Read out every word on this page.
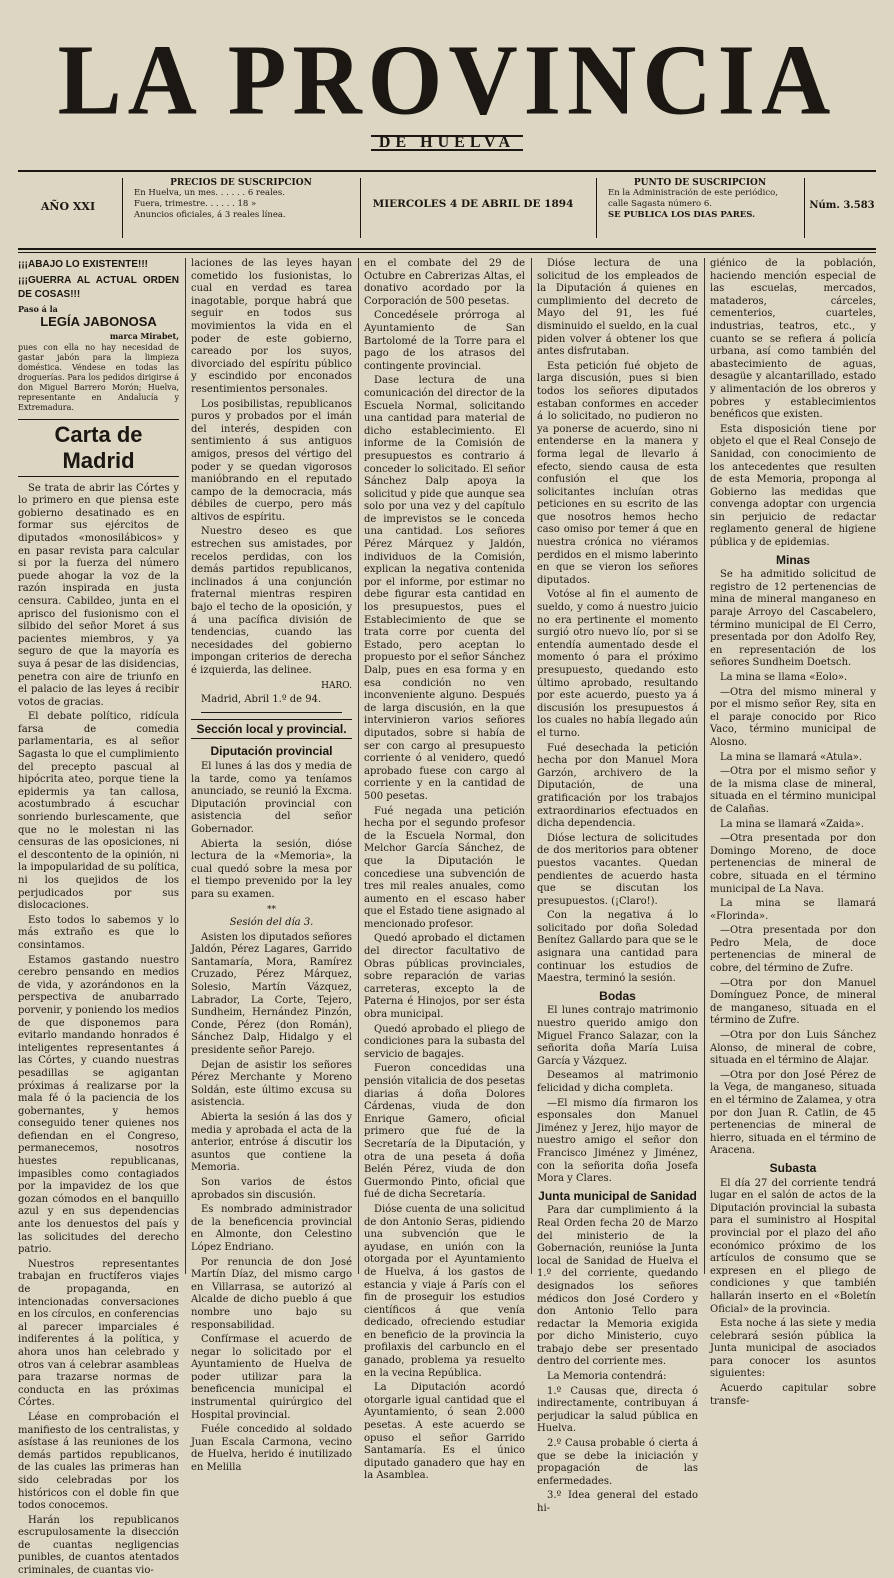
LA PROVINCIA
DE HUELVA
AÑO XXI
PRECIOS DE SUSCRIPCION
En Huelva, un mes. . . . . . 6 reales.
Fuera, trimestre. . . . . . 18 »
Anuncios oficiales, á 3 reales línea.
MIERCOLES 4 DE ABRIL DE 1894
PUNTO DE SUSCRIPCION
En la Administración de este periódico,
calle Sagasta número 6.
SE PUBLICA LOS DIAS PARES.
Núm. 3.583

¡¡¡ABAJO LO EXISTENTE!!!

¡¡¡GUERRA AL ACTUAL ORDEN DE COSAS!!!

Paso á la

LEGÍA JABONOSA

marca Mirabet,

pues con ella no hay necesidad de gastar jabón para la limpieza doméstica. Véndese en todas las droguerías. Para los pedidos dirigirse á don Miguel Barrero Morón; Huelva, representante en Andalucía y Extremadura.

Carta de Madrid

Se trata de abrir las Córtes y lo primero en que piensa este gobierno desatinado es en formar sus ejércitos de diputados «monosilábicos» y en pasar revista para calcular si por la fuerza del número puede ahogar la voz de la razón inspirada en justa censura. Cabildeo, junta en el aprisco del fusionismo con el silbido del señor Moret á sus pacientes miembros, y ya seguro de que la mayoría es suya á pesar de las disidencias, penetra con aire de triunfo en el palacio de las leyes á recibir votos de gracias.

El debate político, ridícula farsa de comedia parlamentaria, es al señor Sagasta lo que el cumplimiento del precepto pascual al hipócrita ateo, porque tiene la epidermis ya tan callosa, acostumbrado á escuchar sonriendo burlescamente, que que no le molestan ni las censuras de las oposiciones, ni el descontento de la opinión, ni la impopularidad de su política, ni los quejidos de los perjudicados por sus dislocaciones.

Esto todos lo sabemos y lo más extraño es que lo consintamos.

Estamos gastando nuestro cerebro pensando en medios de vida, y azorándonos en la perspectiva de anubarrado porvenir, y poniendo los medios de que disponemos para evitarlo mandando honrados é inteligentes representantes á las Córtes, y cuando nuestras pesadillas se agigantan próximas á realizarse por la mala fé ó la paciencia de los gobernantes, y hemos conseguido tener quienes nos defiendan en el Congreso, permanecemos, nosotros huestes republicanas, impasibles como contagiados por la impavidez de los que gozan cómodos en el banquillo azul y en sus dependencias ante los denuestos del país y las solicitudes del derecho patrio.

Nuestros representantes trabajan en fructíferos viajes de propaganda, en intencionadas conversaciones en los círculos, en conferencias al parecer imparciales é indiferentes á la política, y ahora unos han celebrado y otros van á celebrar asambleas para trazarse normas de conducta en las próximas Córtes.

Léase en comprobación el manifiesto de los centralistas, y asístase á las reuniones de los demás partidos republicanos, de las cuales las primeras han sido celebradas por los históricos con el doble fin que todos conocemos.

Harán los republicanos escrupulosamente la disección de cuantas negligencias punibles, de cuantos atentados criminales, de cuantas vio-

laciones de las leyes hayan cometido los fusionistas, lo cual en verdad es tarea inagotable, porque habrá que seguir en todos sus movimientos la vida en el poder de este gobierno, careado por los suyos, divorciado del espíritu público y escindido por enconados resentimientos personales.

Los posibilistas, republicanos puros y probados por el imán del interés, despiden con sentimiento á sus antiguos amigos, presos del vértigo del poder y se quedan vigorosos manióbrando en el reputado campo de la democracia, más débiles de cuerpo, pero más altivos de espíritu.

Nuestro deseo es que estrechen sus amistades, por recelos perdidas, con los demás partidos republicanos, inclinados á una conjunción fraternal mientras respiren bajo el techo de la oposición, y á una pacífica división de tendencias, cuando las necesidades del gobierno impongan criterios de derecha é izquierda, las delinee.

HARO.

Madrid, Abril 1.º de 94.

Sección local y provincial.
Diputación provincial

El lunes á las dos y media de la tarde, como ya teníamos anunciado, se reunió la Excma. Diputación provincial con asistencia del señor Gobernador.

Abierta la sesión, dióse lectura de la «Memoria», la cual quedó sobre la mesa por el tiempo prevenido por la ley para su examen.

**
Sesión del día 3.

Asisten los diputados señores Jaldón, Pérez Lagares, Garrido Santamaría, Mora, Ramírez Cruzado, Pérez Márquez, Solesio, Martín Vázquez, Labrador, La Corte, Tejero, Sundheim, Hernández Pinzón, Conde, Pérez (don Román), Sánchez Dalp, Hidalgo y el presidente señor Parejo.

Dejan de asistir los señores Pérez Merchante y Moreno Soldán, este último excusa su asistencia.

Abierta la sesión á las dos y media y aprobada el acta de la anterior, entróse á discutir los asuntos que contiene la Memoria.

Son varios de éstos aprobados sin discusión.

Es nombrado administrador de la beneficencia provincial en Almonte, don Celestino López Endriano.

Por renuncia de don José Martín Díaz, del mismo cargo en Villarrasa, se autorizó al Alcalde de dicho pueblo á que nombre uno bajo su responsabilidad.

Confírmase el acuerdo de negar lo solicitado por el Ayuntamiento de Huelva de poder utilizar para la beneficencia municipal el instrumental quirúrgico del Hospital provincial.

Fuéle concedido al soldado Juan Escala Carmona, vecino de Huelva, herido é inutilizado en Melilla

en el combate del 29 de Octubre en Cabrerizas Altas, el donativo acordado por la Corporación de 500 pesetas.

Concedésele prórroga al Ayuntamiento de San Bartolomé de la Torre para el pago de los atrasos del contingente provincial.

Dase lectura de una comunicación del director de la Escuela Normal, solicitando una cantidad para material de dicho establecimiento. El informe de la Comisión de presupuestos es contrario á conceder lo solicitado. El señor Sánchez Dalp apoya la solicitud y pide que aunque sea solo por una vez y del capítulo de imprevistos se le conceda una cantidad. Los señores Pérez Márquez y Jaldón, individuos de la Comisión, explican la negativa contenida por el informe, por estimar no debe figurar esta cantidad en los presupuestos, pues el Establecimiento de que se trata corre por cuenta del Estado, pero aceptan lo propuesto por el señor Sánchez Dalp, pues en esa forma y en esa condición no ven inconveniente alguno. Después de larga discusión, en la que intervinieron varios señores diputados, sobre si había de ser con cargo al presupuesto corriente ó al venidero, quedó aprobado fuese con cargo al corriente y en la cantidad de 500 pesetas.

Fué negada una petición hecha por el segundo profesor de la Escuela Normal, don Melchor García Sánchez, de que la Diputación le concediese una subvención de tres mil reales anuales, como aumento en el escaso haber que el Estado tiene asignado al mencionado profesor.

Quedó aprobado el dictamen del director facultativo de Obras públicas provinciales, sobre reparación de varias carreteras, excepto la de Paterna é Hinojos, por ser ésta obra municipal.

Quedó aprobado el pliego de condiciones para la subasta del servicio de bagajes.

Fueron concedidas una pensión vitalicia de dos pesetas diarias á doña Dolores Cárdenas, viuda de don Enrique Gamero, oficial primero que fué de la Secretaría de la Diputación, y otra de una peseta á doña Belén Pérez, viuda de don Guermondo Pinto, oficial que fué de dicha Secretaría.

Dióse cuenta de una solicitud de don Antonio Seras, pidiendo una subvención que le ayudase, en unión con la otorgada por el Ayuntamiento de Huelva, á los gastos de estancia y viaje á París con el fin de proseguir los estudios científicos á que venía dedicado, ofreciendo estudiar en beneficio de la provincia la profilaxis del carbunclo en el ganado, problema ya resuelto en la vecina República.

La Diputación acordó otorgarle igual cantidad que el Ayuntamiento, ó sean 2.000 pesetas. A este acuerdo se opuso el señor Garrido Santamaría. Es el único diputado ganadero que hay en la Asamblea.

Dióse lectura de una solicitud de los empleados de la Diputación á quienes en cumplimiento del decreto de Mayo del 91, les fué disminuido el sueldo, en la cual piden volver á obtener los que antes disfrutaban.

Esta petición fué objeto de larga discusión, pues si bien todos los señores diputados estaban conformes en acceder á lo solicitado, no pudieron no ya ponerse de acuerdo, sino ni entenderse en la manera y forma legal de llevarlo á efecto, siendo causa de esta confusión el que los solicitantes incluían otras peticiones en su escrito de las que nosotros hemos hecho caso omiso por temer á que en nuestra crónica no viéramos perdidos en el mismo laberinto en que se vieron los señores diputados.

Votóse al fin el aumento de sueldo, y como á nuestro juicio no era pertinente el momento surgió otro nuevo lío, por si se entendía aumentado desde el momento ó para el próximo presupuesto, quedando esto último aprobado, resultando por este acuerdo, puesto ya á discusión los presupuestos á los cuales no había llegado aún el turno.

Fué desechada la petición hecha por don Manuel Mora Garzón, archivero de la Diputación, de una gratificación por los trabajos extraordinarios efectuados en dicha dependencia.

Dióse lectura de solicitudes de dos meritorios para obtener puestos vacantes. Quedan pendientes de acuerdo hasta que se discutan los presupuestos. (¡Claro!).

Con la negativa á lo solicitado por doña Soledad Benítez Gallardo para que se le asignara una cantidad para continuar los estudios de Maestra, terminó la sesión.

Bodas

El lunes contrajo matrimonio nuestro querido amigo don Miguel Franco Salazar, con la señorita doña María Luisa García y Vázquez.

Deseamos al matrimonio felicidad y dicha completa.

—El mismo día firmaron los esponsales don Manuel Jiménez y Jerez, hijo mayor de nuestro amigo el señor don Francisco Jiménez y Jiménez, con la señorita doña Josefa Mora y Clares.

Junta municipal de Sanidad

Para dar cumplimiento á la Real Orden fecha 20 de Marzo del ministerio de la Gobernación, reunióse la Junta local de Sanidad de Huelva el 1.º del corriente, quedando designados los señores médicos don José Cordero y don Antonio Tello para redactar la Memoria exigida por dicho Ministerio, cuyo trabajo debe ser presentado dentro del corriente mes.

La Memoria contendrá:

1.º Causas que, directa ó indirectamente, contribuyan á perjudicar la salud pública en Huelva.

2.º Causa probable ó cierta á que se debe la iniciación y propagación de las enfermedades.

3.º Idea general del estado hi-

giénico de la población, haciendo mención especial de las escuelas, mercados, mataderos, cárceles, cementerios, cuarteles, industrias, teatros, etc., y cuanto se se refiera á policía urbana, así como también del abastecimiento de aguas, desagüe y alcantarillado, estado y alimentación de los obreros y pobres y establecimientos benéficos que existen.

Esta disposición tiene por objeto el que el Real Consejo de Sanidad, con conocimiento de los antecedentes que resulten de esta Memoria, proponga al Gobierno las medidas que convenga adoptar con urgencia sin perjuicio de redactar reglamento general de higiene pública y de epidemias.

Minas

Se ha admitido solicitud de registro de 12 pertenencias de mina de mineral manganeso en paraje Arroyo del Cascabelero, término municipal de El Cerro, presentada por don Adolfo Rey, en representación de los señores Sundheim Doetsch.

La mina se llama «Eolo».

—Otra del mismo mineral y por el mismo señor Rey, sita en el paraje conocido por Rico Vaco, término municipal de Alosno.

La mina se llamará «Atula».

—Otra por el mismo señor y de la misma clase de mineral, situada en el término municipal de Calañas.

La mina se llamará «Zaida».

—Otra presentada por don Domingo Moreno, de doce pertenencias de mineral de cobre, situada en el término municipal de La Nava.

La mina se llamará «Florinda».

—Otra presentada por don Pedro Mela, de doce pertenencias de mineral de cobre, del término de Zufre.

—Otra por don Manuel Domínguez Ponce, de mineral de manganeso, situada en el término de Zufre.

—Otra por don Luis Sánchez Alonso, de mineral de cobre, situada en el término de Alajar.

—Otra por don José Pérez de la Vega, de manganeso, situada en el término de Zalamea, y otra por don Juan R. Catlin, de 45 pertenencias de mineral de hierro, situada en el término de Aracena.

Subasta

El día 27 del corriente tendrá lugar en el salón de actos de la Diputación provincial la subasta para el suministro al Hospital provincial por el plazo del año económico próximo de los artículos de consumo que se expresen en el pliego de condiciones y que también hallarán inserto en el «Boletín Oficial» de la provincia.

Esta noche á las siete y media celebrará sesión pública la Junta municipal de asociados para conocer los asuntos siguientes:

Acuerdo capitular sobre transfe-
